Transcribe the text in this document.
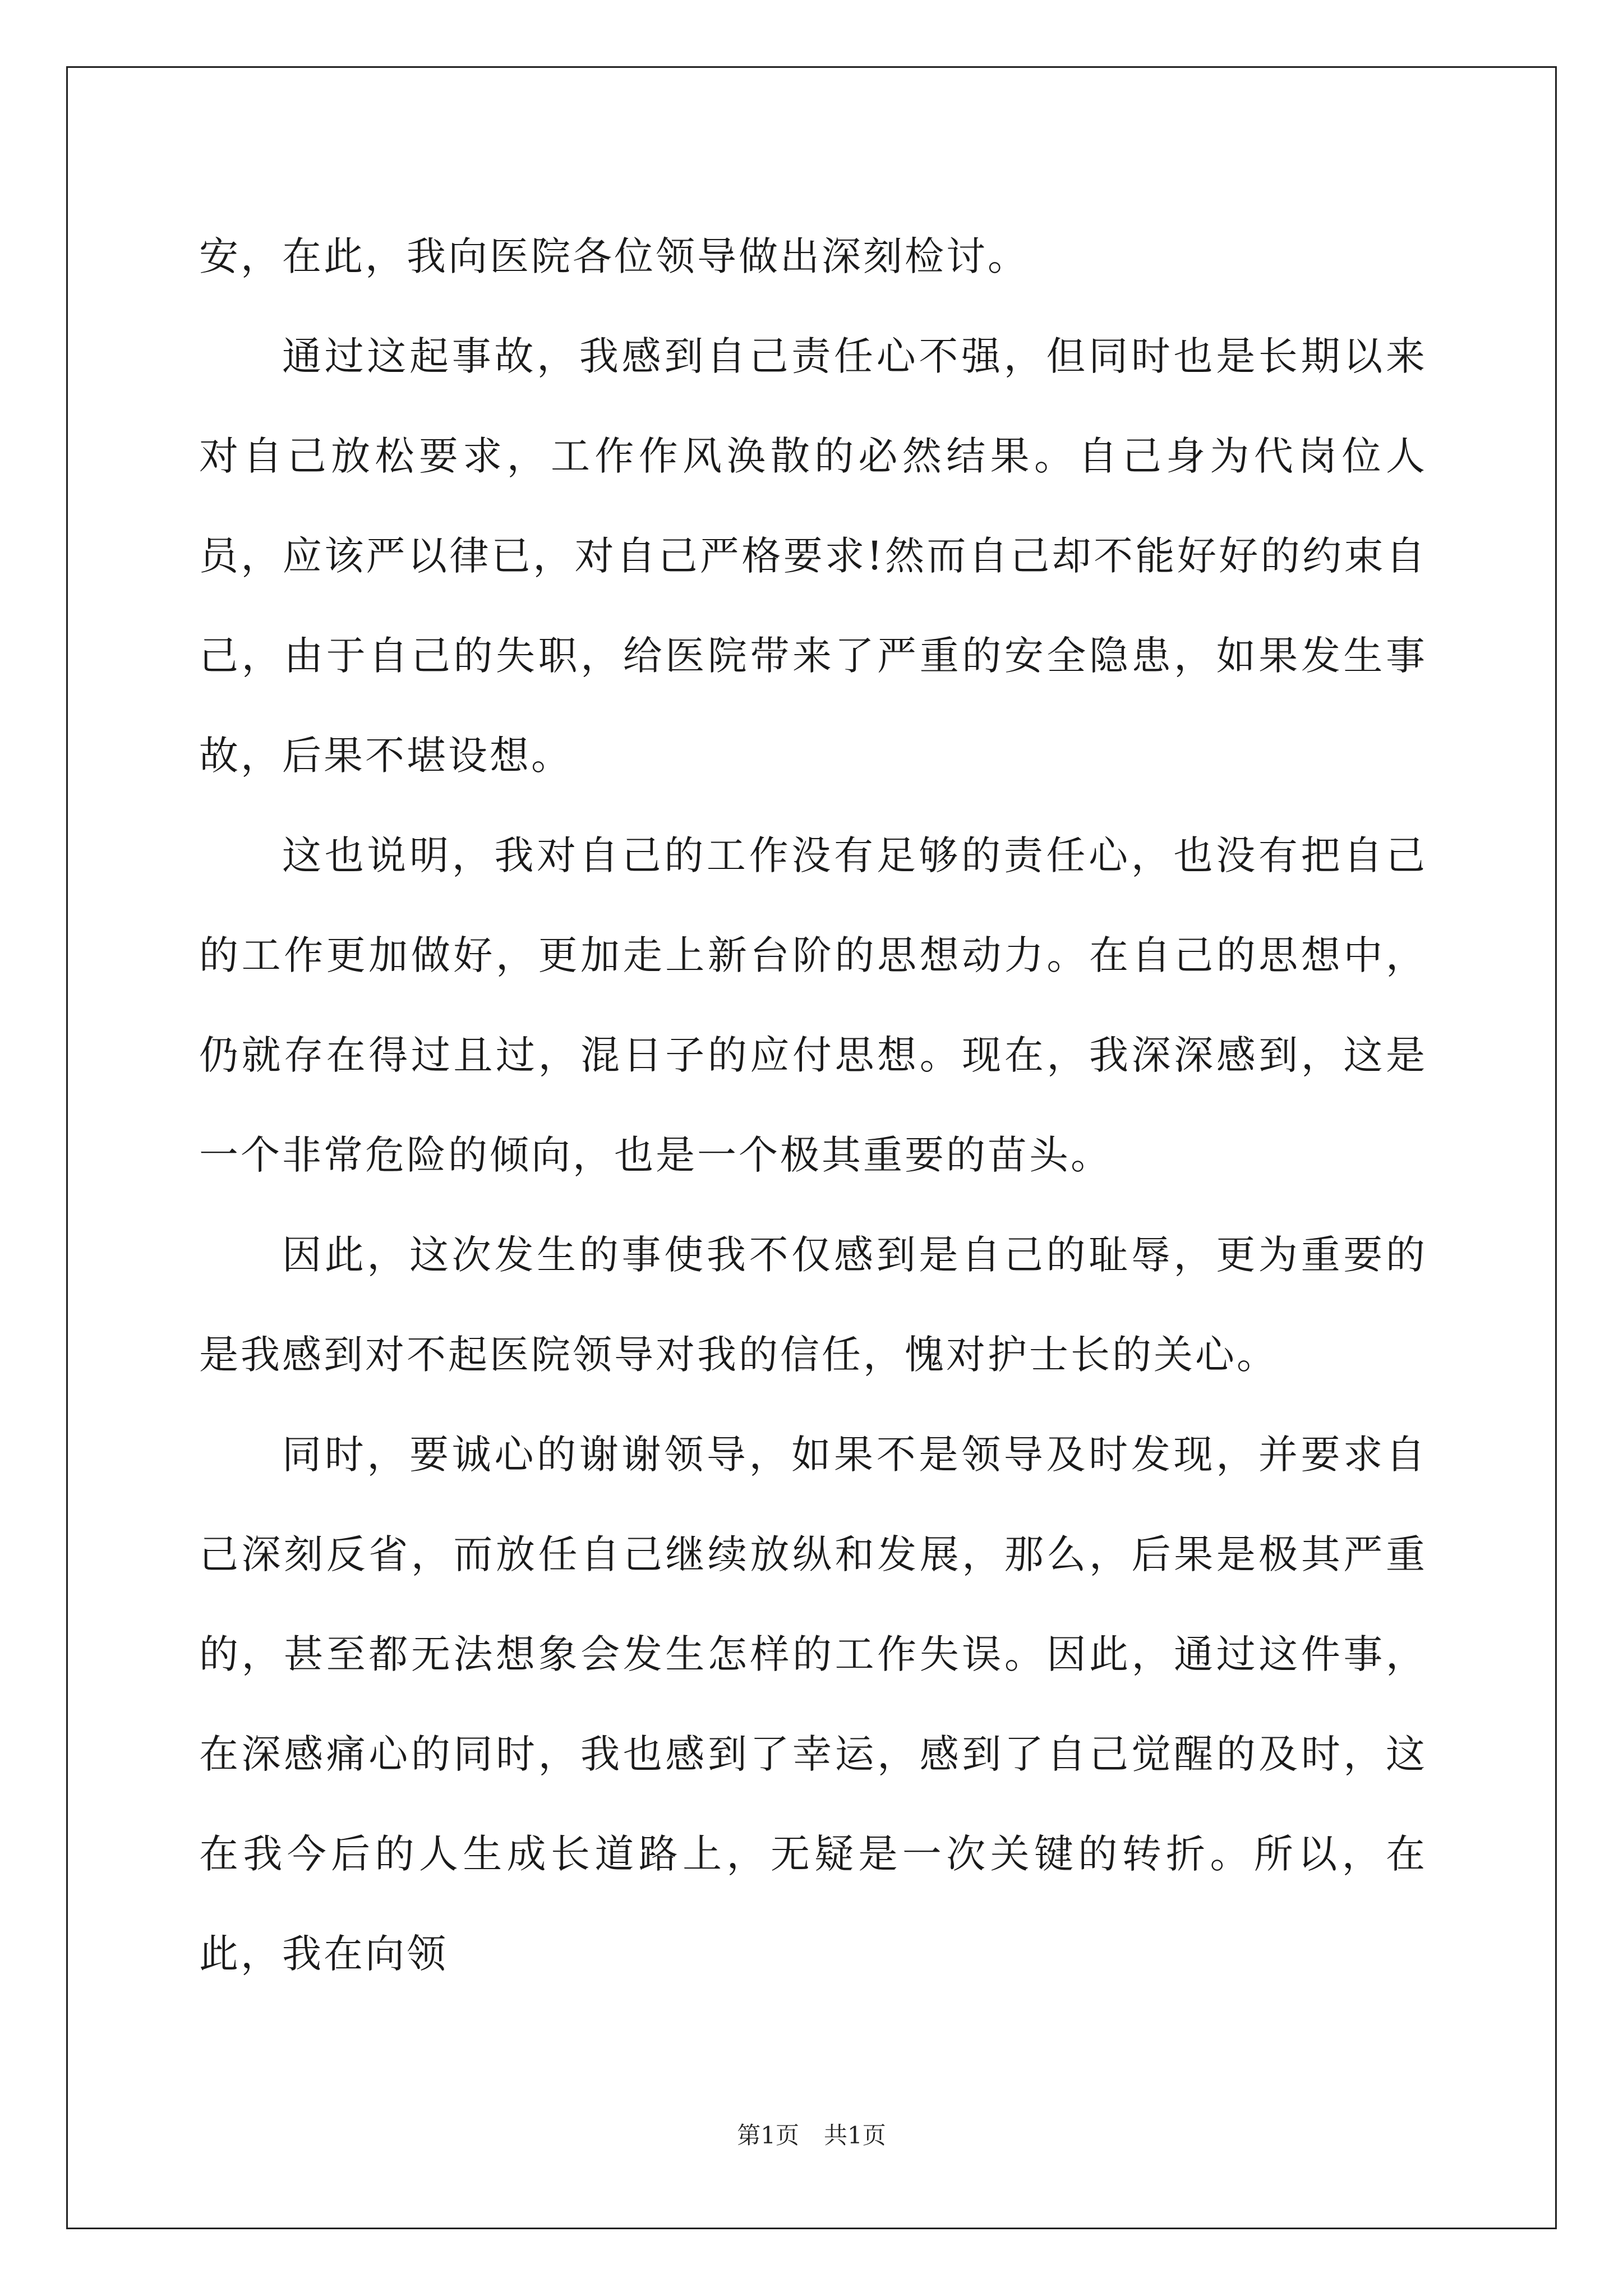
安，在此，我向医院各位领导做出深刻检讨。

通过这起事故，我感到自己责任心不强，但同时也是长期以来对自己放松要求，工作作风涣散的必然结果。自己身为代岗位人员，应该严以律已，对自己严格要求!然而自己却不能好好的约束自己，由于自己的失职，给医院带来了严重的安全隐患，如果发生事故，后果不堪设想。

这也说明，我对自己的工作没有足够的责任心，也没有把自己的工作更加做好，更加走上新台阶的思想动力。在自己的思想中，仍就存在得过且过，混日子的应付思想。现在，我深深感到，这是一个非常危险的倾向，也是一个极其重要的苗头。

因此，这次发生的事使我不仅感到是自己的耻辱，更为重要的是我感到对不起医院领导对我的信任，愧对护士长的关心。

同时，要诚心的谢谢领导，如果不是领导及时发现，并要求自己深刻反省，而放任自己继续放纵和发展，那么，后果是极其严重的，甚至都无法想象会发生怎样的工作失误。因此，通过这件事，在深感痛心的同时，我也感到了幸运，感到了自己觉醒的及时，这在我今后的人生成长道路上，无疑是一次关键的转折。所以，在此，我在向领

第1页 共1页
